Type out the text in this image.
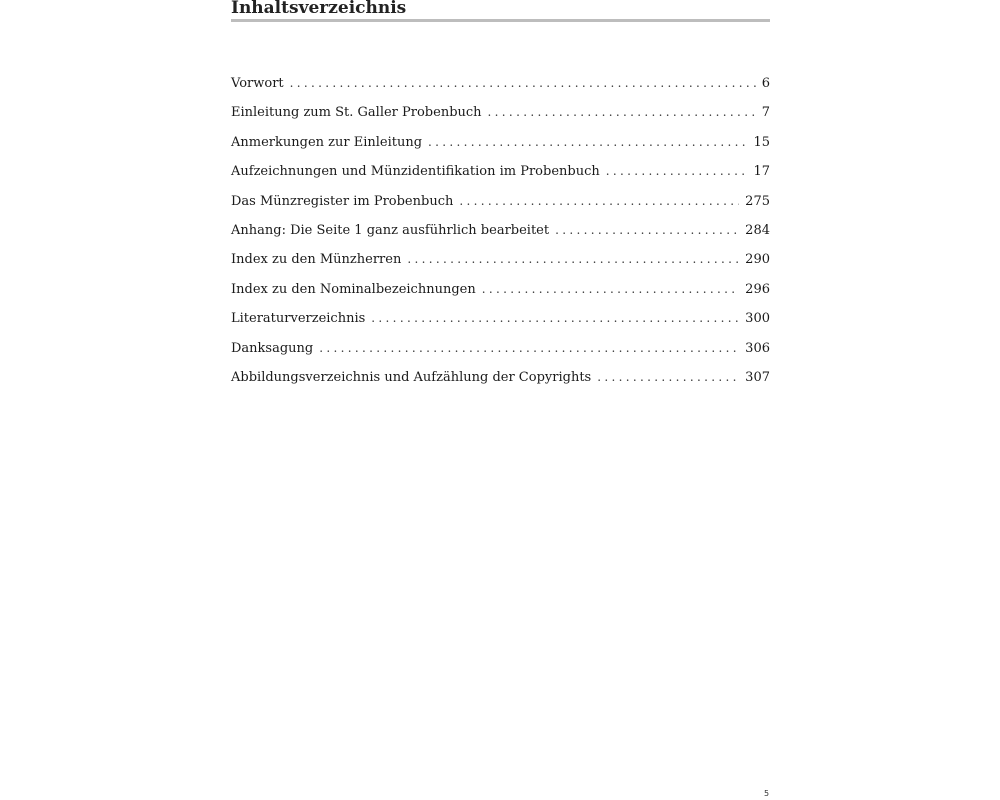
Inhaltsverzeichnis
Vorwort . . .	6
Einleitung zum St. Galler Probenbuch . . .	7
Anmerkungen zur Einleitung . . .	15
Aufzeichnungen und Münzidentifikation im Probenbuch . . .	17
Das Münzregister im Probenbuch . . .	275
Anhang: Die Seite 1 ganz ausführlich bearbeitet . . .	284
Index zu den Münzherren . . .	290
Index zu den Nominalbezeichnungen . . .	296
Literaturverzeichnis . . .	300
Danksagung . . .	306
Abbildungsverzeichnis und Aufzählung der Copyrights . . .	307
5
